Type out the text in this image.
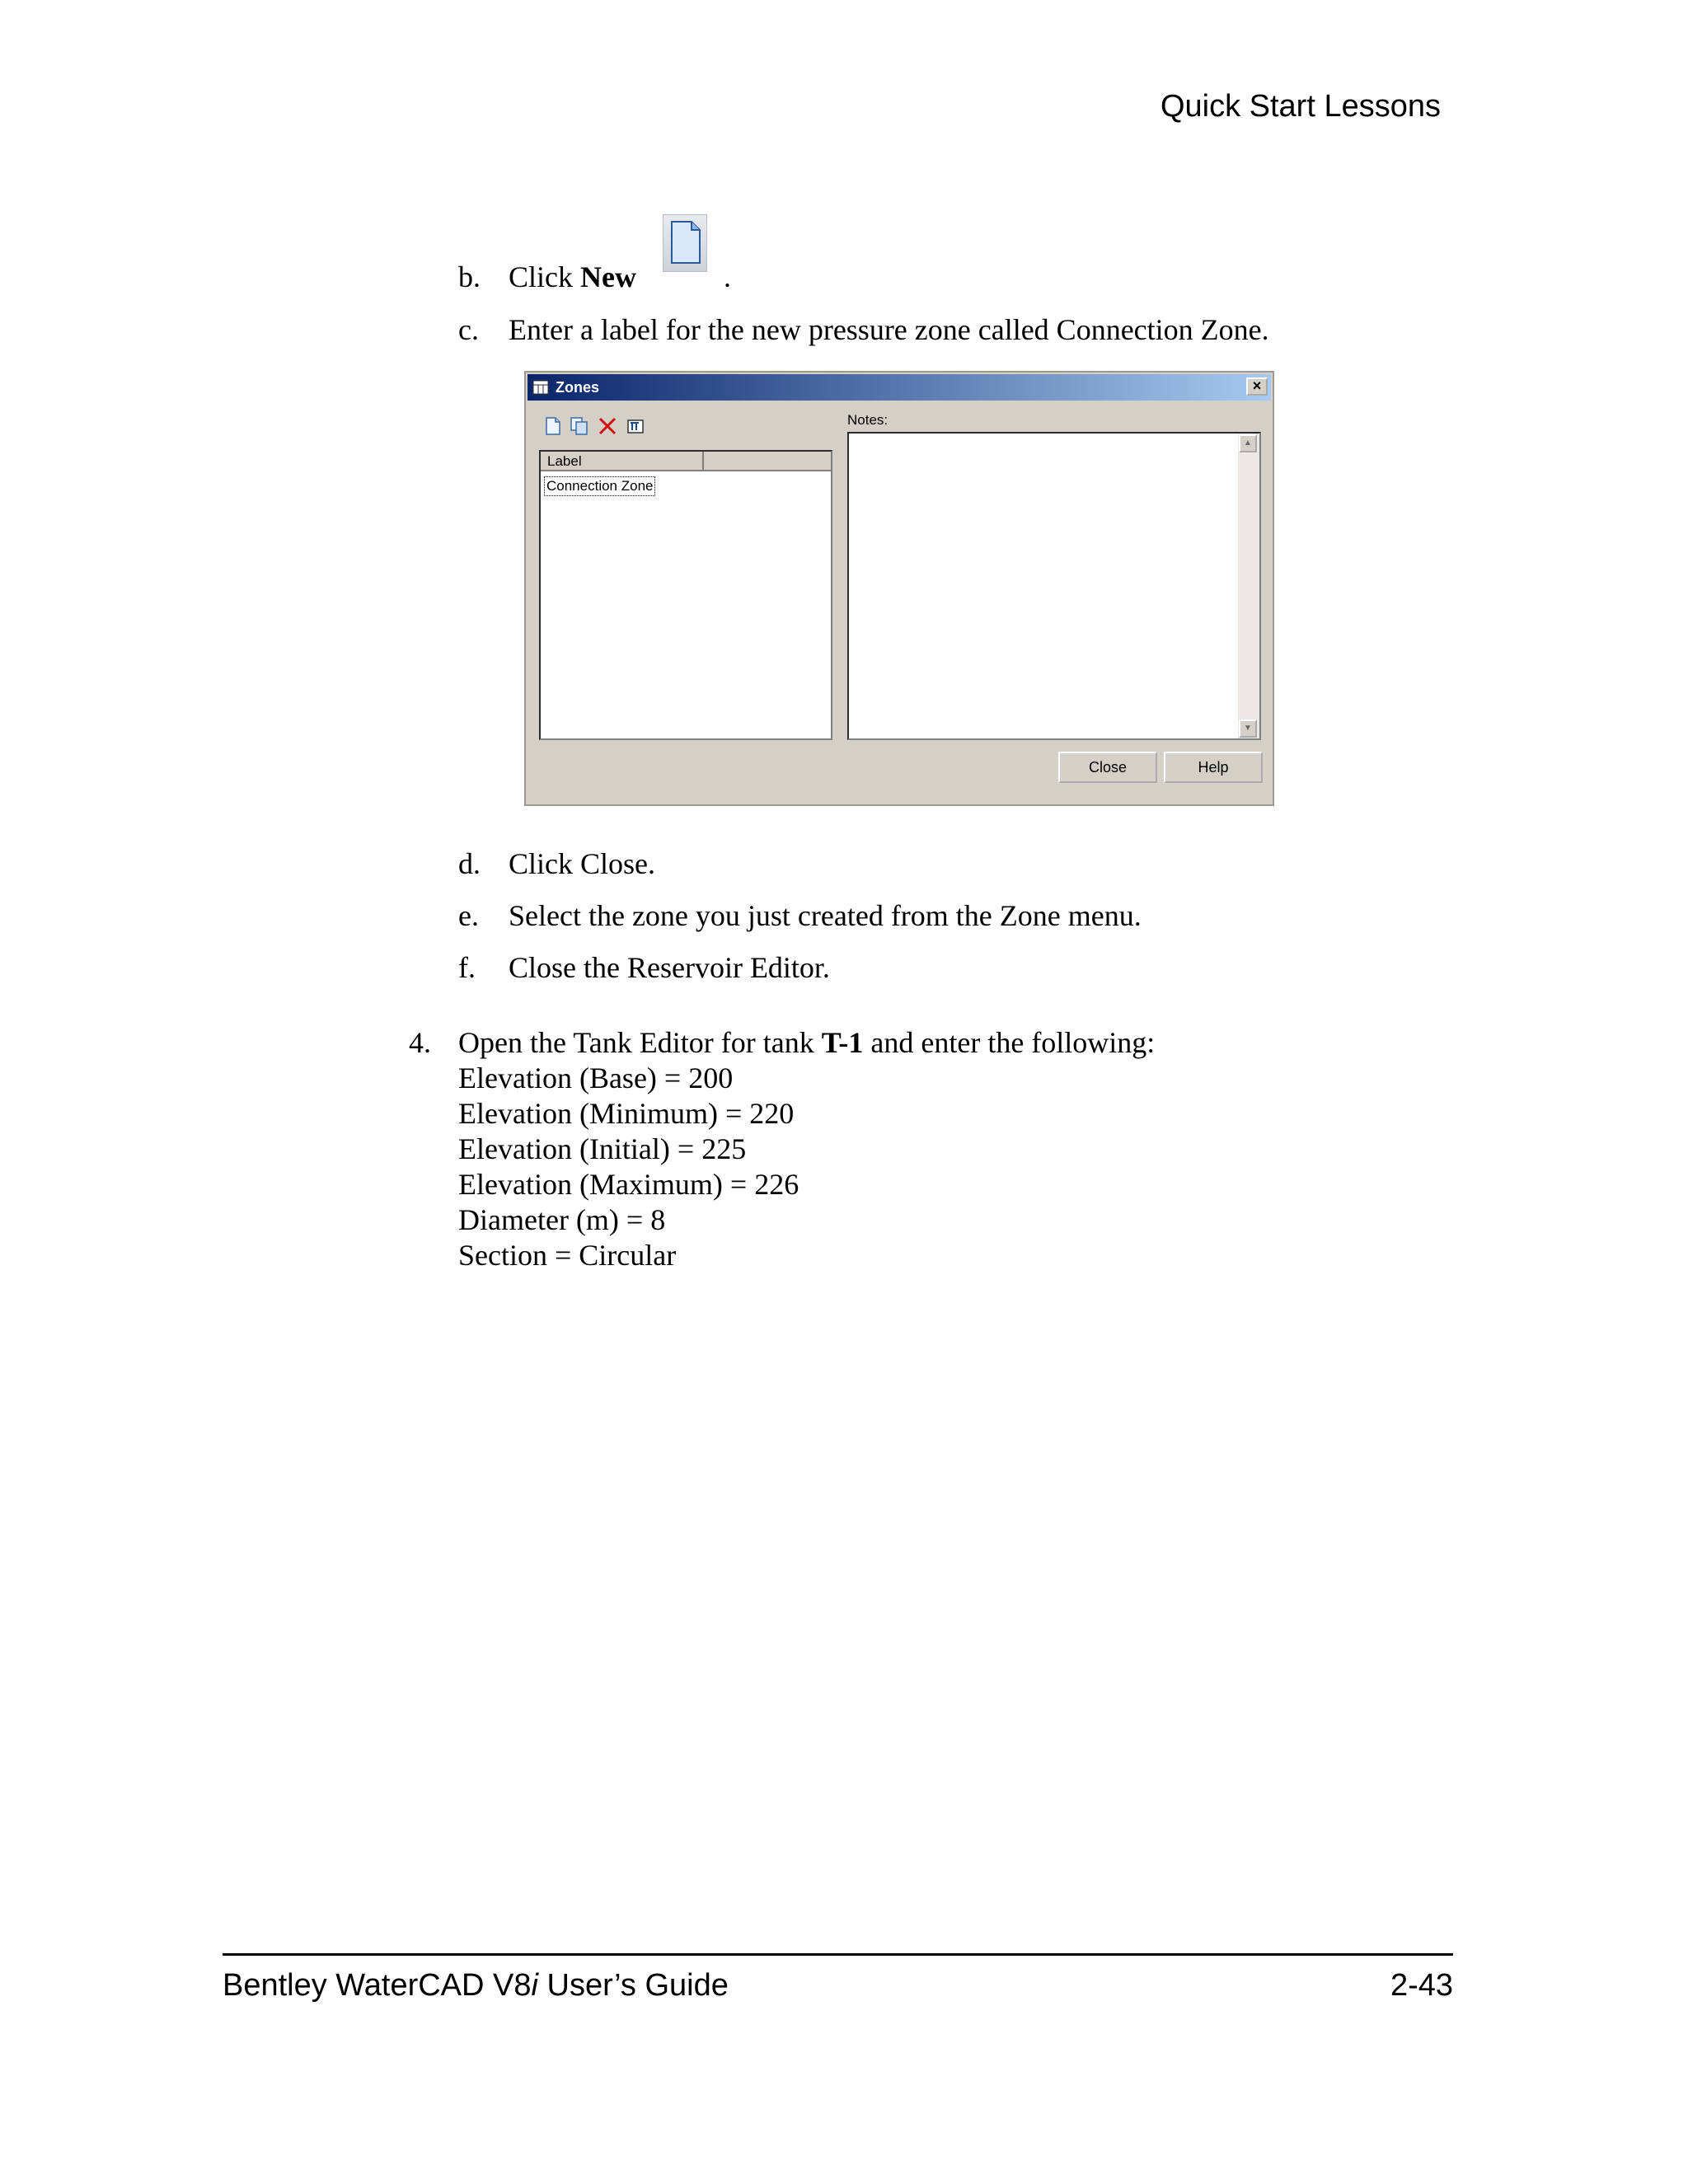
Quick Start Lessons
b. Click New	.
c. Enter a label for the new pressure zone called Connection Zone.
Zones	×
Label
Connection Zone
Notes:
▲
▼
Close	Help
d. Click Close.
e. Select the zone you just created from the Zone menu.
f. Close the Reservoir Editor.
4. Open the Tank Editor for tank T-1 and enter the following:
Elevation (Base) = 200
Elevation (Minimum) = 220
Elevation (Initial) = 225
Elevation (Maximum) = 226
Diameter (m) = 8
Section = Circular
Bentley WaterCAD V8i User’s Guide	2-43
